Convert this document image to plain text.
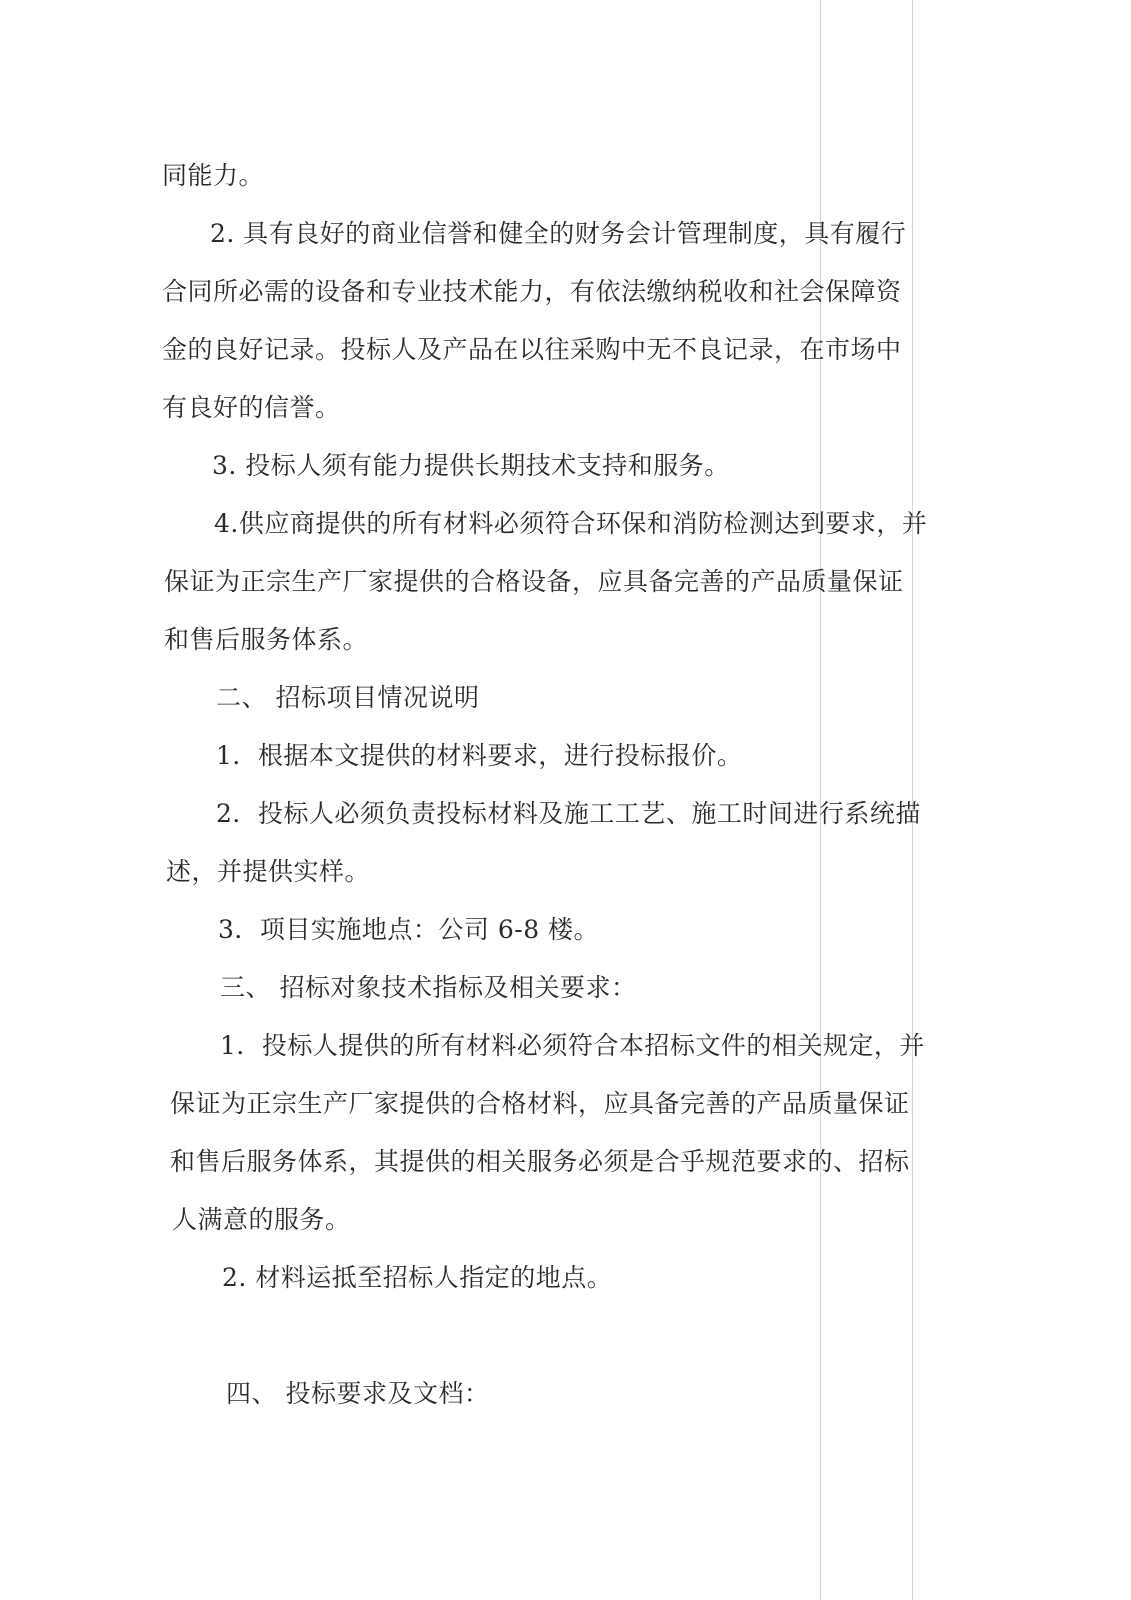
同能力。
2. 具有良好的商业信誉和健全的财务会计管理制度，具有履行
合同所必需的设备和专业技术能力，有依法缴纳税收和社会保障资
金的良好记录。投标人及产品在以往采购中无不良记录，在市场中
有良好的信誉。
3. 投标人须有能力提供长期技术支持和服务。
4.供应商提供的所有材料必须符合环保和消防检测达到要求，并
保证为正宗生产厂家提供的合格设备，应具备完善的产品质量保证
和售后服务体系。
二、 招标项目情况说明
1．根据本文提供的材料要求，进行投标报价。
2．投标人必须负责投标材料及施工工艺、施工时间进行系统描
述，并提供实样。
3．项目实施地点：公司 6-8 楼。
三、 招标对象技术指标及相关要求：
1．投标人提供的所有材料必须符合本招标文件的相关规定，并
保证为正宗生产厂家提供的合格材料，应具备完善的产品质量保证
和售后服务体系，其提供的相关服务必须是合乎规范要求的、招标
人满意的服务。
2. 材料运抵至招标人指定的地点。
四、 投标要求及文档：
